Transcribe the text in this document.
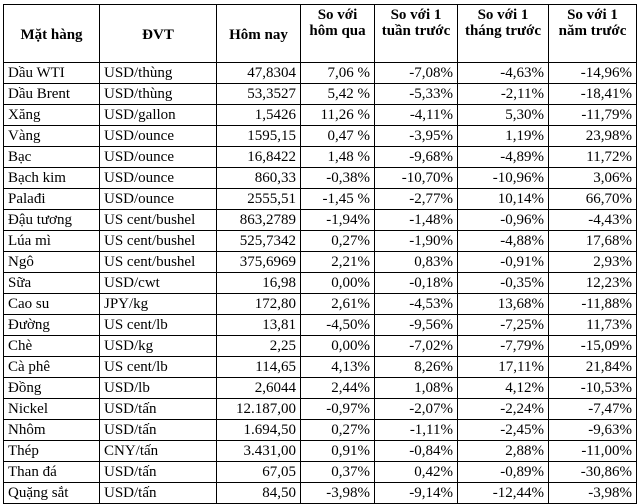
Mặt hàng	ĐVT	Hôm nay	So với hôm qua	So với 1 tuần trước	So với 1 tháng trước	So với 1 năm trước
Dầu WTI	USD/thùng	47,8304	7,06 %	-7,08%	-4,63%	-14,96%
Dầu Brent	USD/thùng	53,3527	5,42 %	-5,33%	-2,11%	-18,41%
Xăng	USD/gallon	1,5426	11,26 %	-4,11%	5,30%	-11,79%
Vàng	USD/ounce	1595,15	0,47 %	-3,95%	1,19%	23,98%
Bạc	USD/ounce	16,8422	1,48 %	-9,68%	-4,89%	11,72%
Bạch kim	USD/ounce	860,33	-0,38%	-10,70%	-10,96%	3,06%
Palađi	USD/ounce	2555,51	-1,45 %	-2,77%	10,14%	66,70%
Đậu tương	US cent/bushel	863,2789	-1,94%	-1,48%	-0,96%	-4,43%
Lúa mì	US cent/bushel	525,7342	0,27%	-1,90%	-4,88%	17,68%
Ngô	US cent/bushel	375,6969	2,21%	0,83%	-0,91%	2,93%
Sữa	USD/cwt	16,98	0,00%	-0,18%	-0,35%	12,23%
Cao su	JPY/kg	172,80	2,61%	-4,53%	13,68%	-11,88%
Đường	US cent/lb	13,81	-4,50%	-9,56%	-7,25%	11,73%
Chè	USD/kg	2,25	0,00%	-7,02%	-7,79%	-15,09%
Cà phê	US cent/lb	114,65	4,13%	8,26%	17,11%	21,84%
Đồng	USD/lb	2,6044	2,44%	1,08%	4,12%	-10,53%
Nickel	USD/tấn	12.187,00	-0,97%	-2,07%	-2,24%	-7,47%
Nhôm	USD/tấn	1.694,50	0,27%	-1,11%	-2,45%	-9,63%
Thép	CNY/tấn	3.431,00	0,91%	-0,84%	2,88%	-11,00%
Than đá	USD/tấn	67,05	0,37%	0,42%	-0,89%	-30,86%
Quặng sắt	USD/tấn	84,50	-3,98%	-9,14%	-12,44%	-3,98%
